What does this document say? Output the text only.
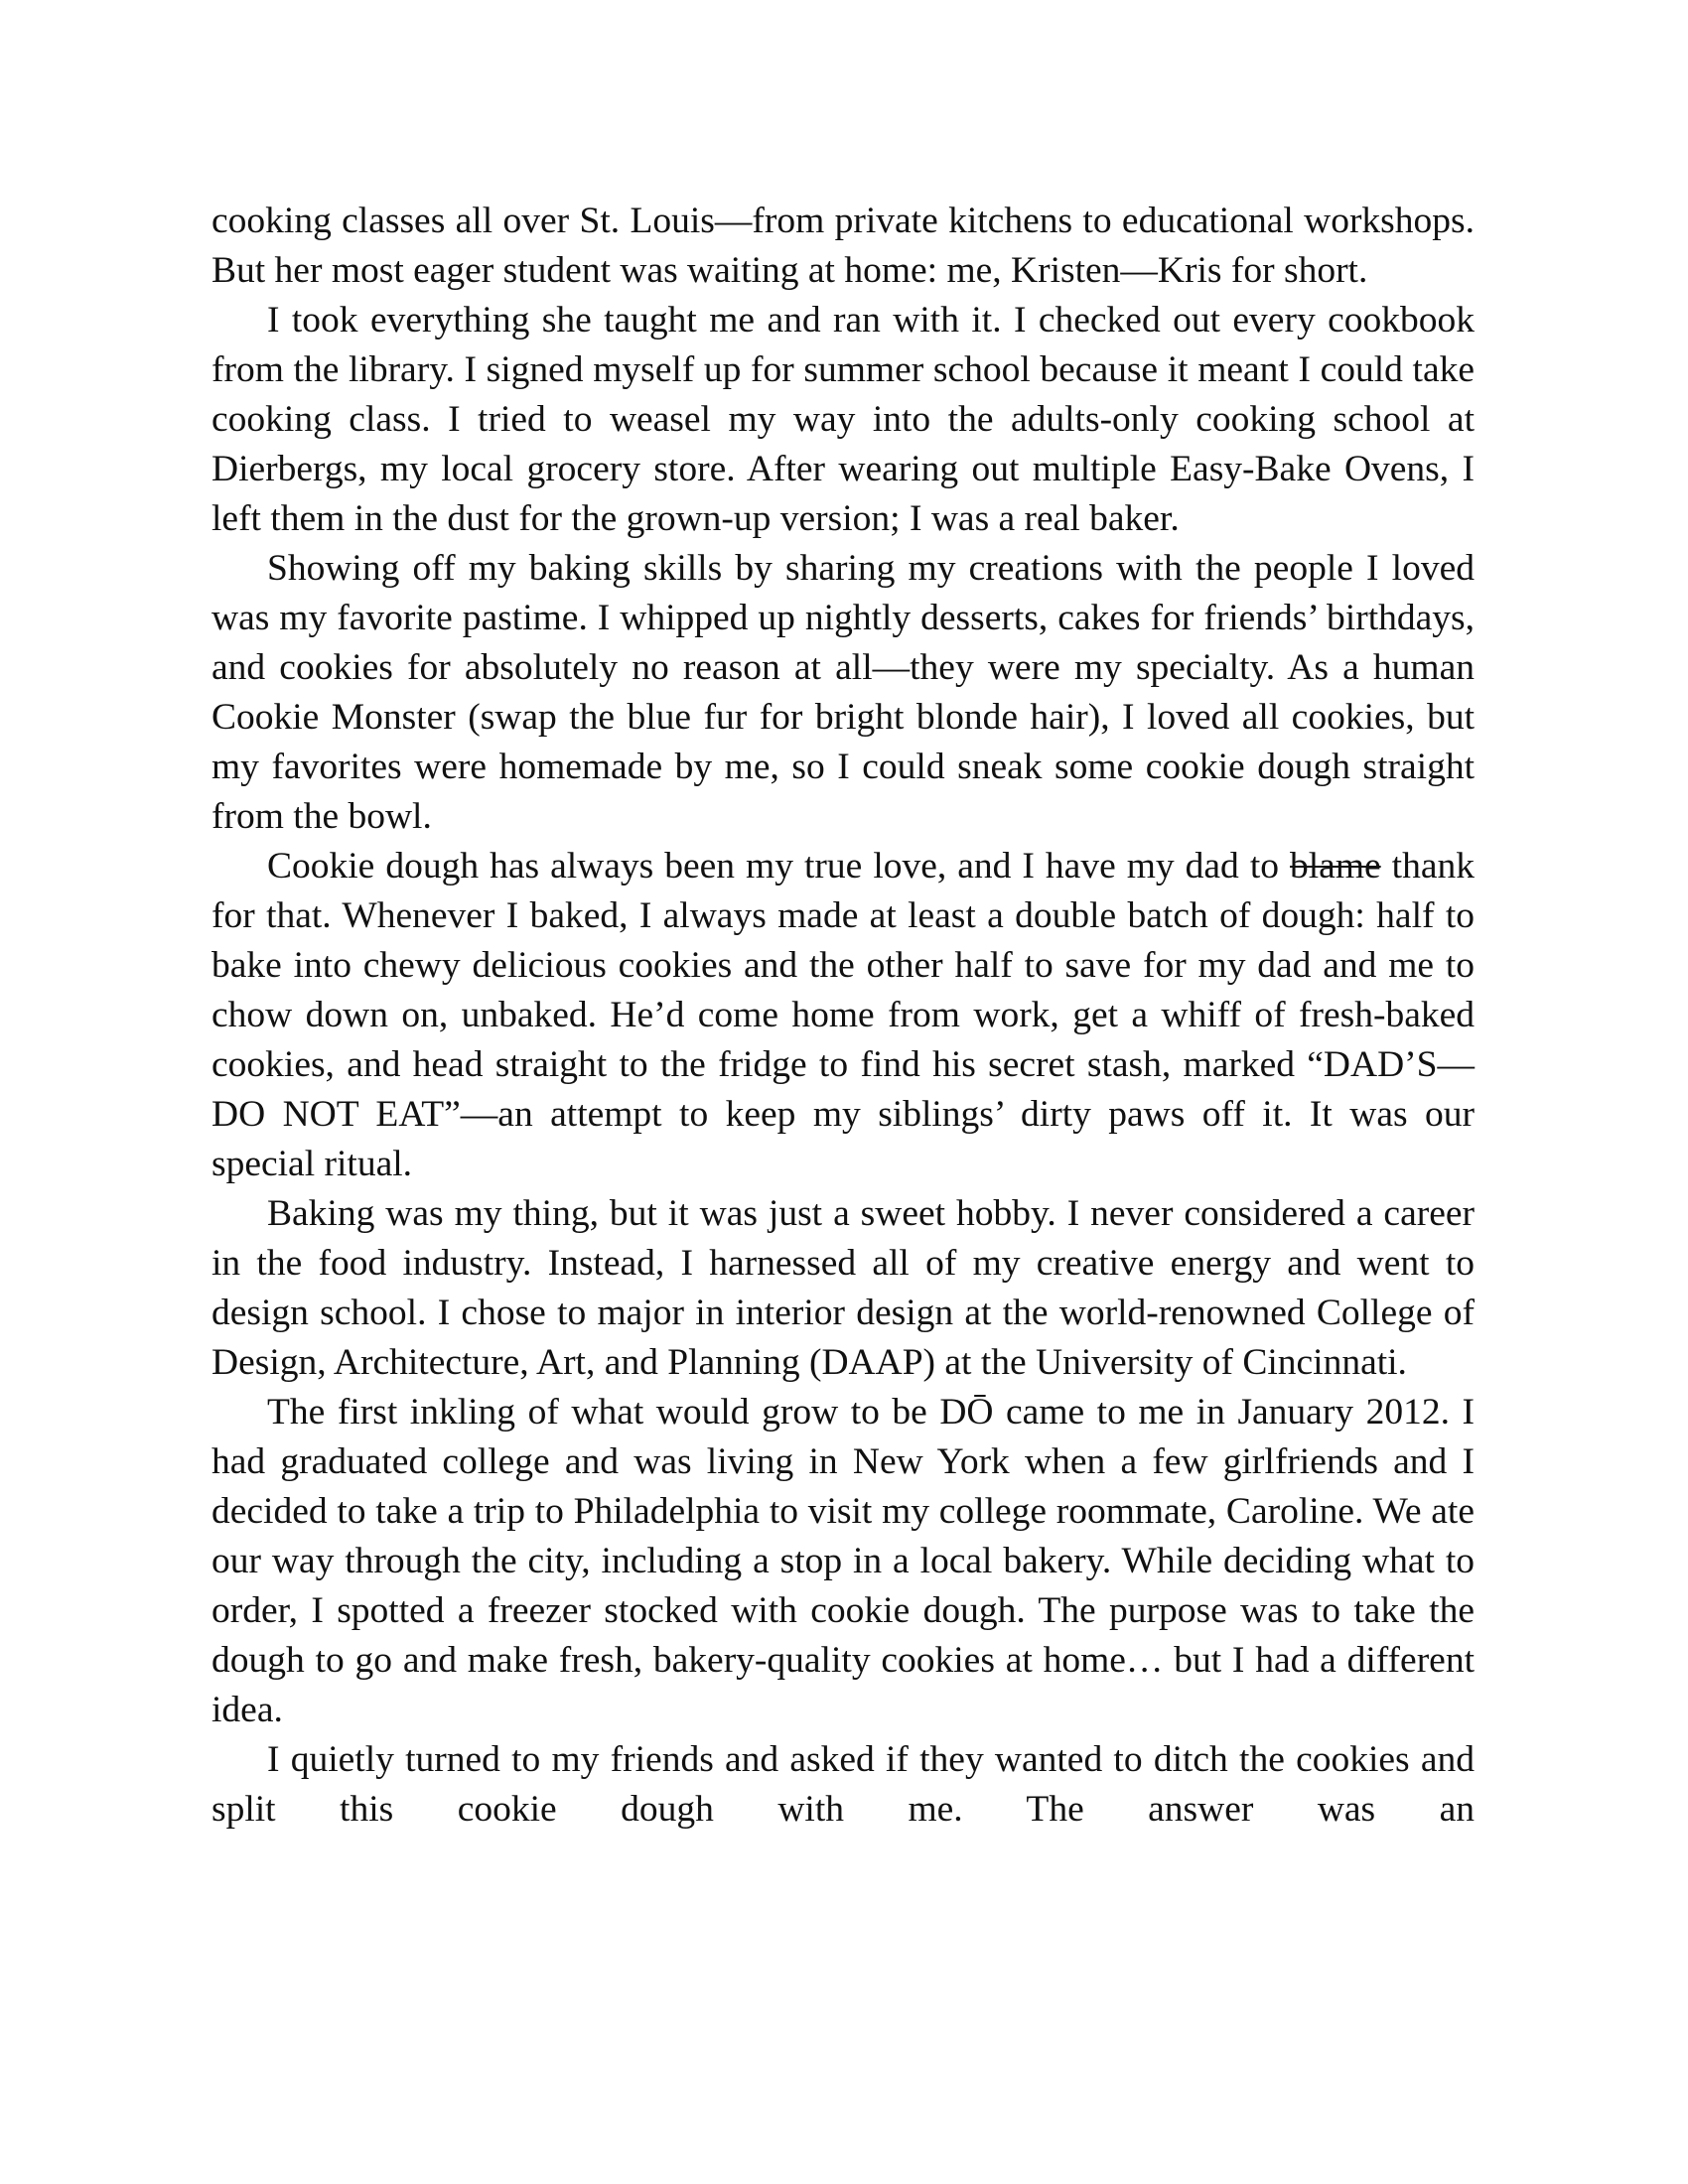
cooking classes all over St. Louis—from private kitchens to educational workshops. But her most eager student was waiting at home: me, Kristen—Kris for short.

I took everything she taught me and ran with it. I checked out every cookbook from the library. I signed myself up for summer school because it meant I could take cooking class. I tried to weasel my way into the adults-only cooking school at Dierbergs, my local grocery store. After wearing out multiple Easy-Bake Ovens, I left them in the dust for the grown-up version; I was a real baker.

Showing off my baking skills by sharing my creations with the people I loved was my favorite pastime. I whipped up nightly desserts, cakes for friends’ birthdays, and cookies for absolutely no reason at all—they were my specialty. As a human Cookie Monster (swap the blue fur for bright blonde hair), I loved all cookies, but my favorites were homemade by me, so I could sneak some cookie dough straight from the bowl.

Cookie dough has always been my true love, and I have my dad to blame thank for that. Whenever I baked, I always made at least a double batch of dough: half to bake into chewy delicious cookies and the other half to save for my dad and me to chow down on, unbaked. He’d come home from work, get a whiff of fresh-baked cookies, and head straight to the fridge to find his secret stash, marked “DAD’S—DO NOT EAT”—an attempt to keep my siblings’ dirty paws off it. It was our special ritual.

Baking was my thing, but it was just a sweet hobby. I never considered a career in the food industry. Instead, I harnessed all of my creative energy and went to design school. I chose to major in interior design at the world-renowned College of Design, Architecture, Art, and Planning (DAAP) at the University of Cincinnati.

The first inkling of what would grow to be DŌ came to me in January 2012. I had graduated college and was living in New York when a few girlfriends and I decided to take a trip to Philadelphia to visit my college roommate, Caroline. We ate our way through the city, including a stop in a local bakery. While deciding what to order, I spotted a freezer stocked with cookie dough. The purpose was to take the dough to go and make fresh, bakery-quality cookies at home… but I had a different idea.

I quietly turned to my friends and asked if they wanted to ditch the cookies and split this cookie dough with me. The answer was an
